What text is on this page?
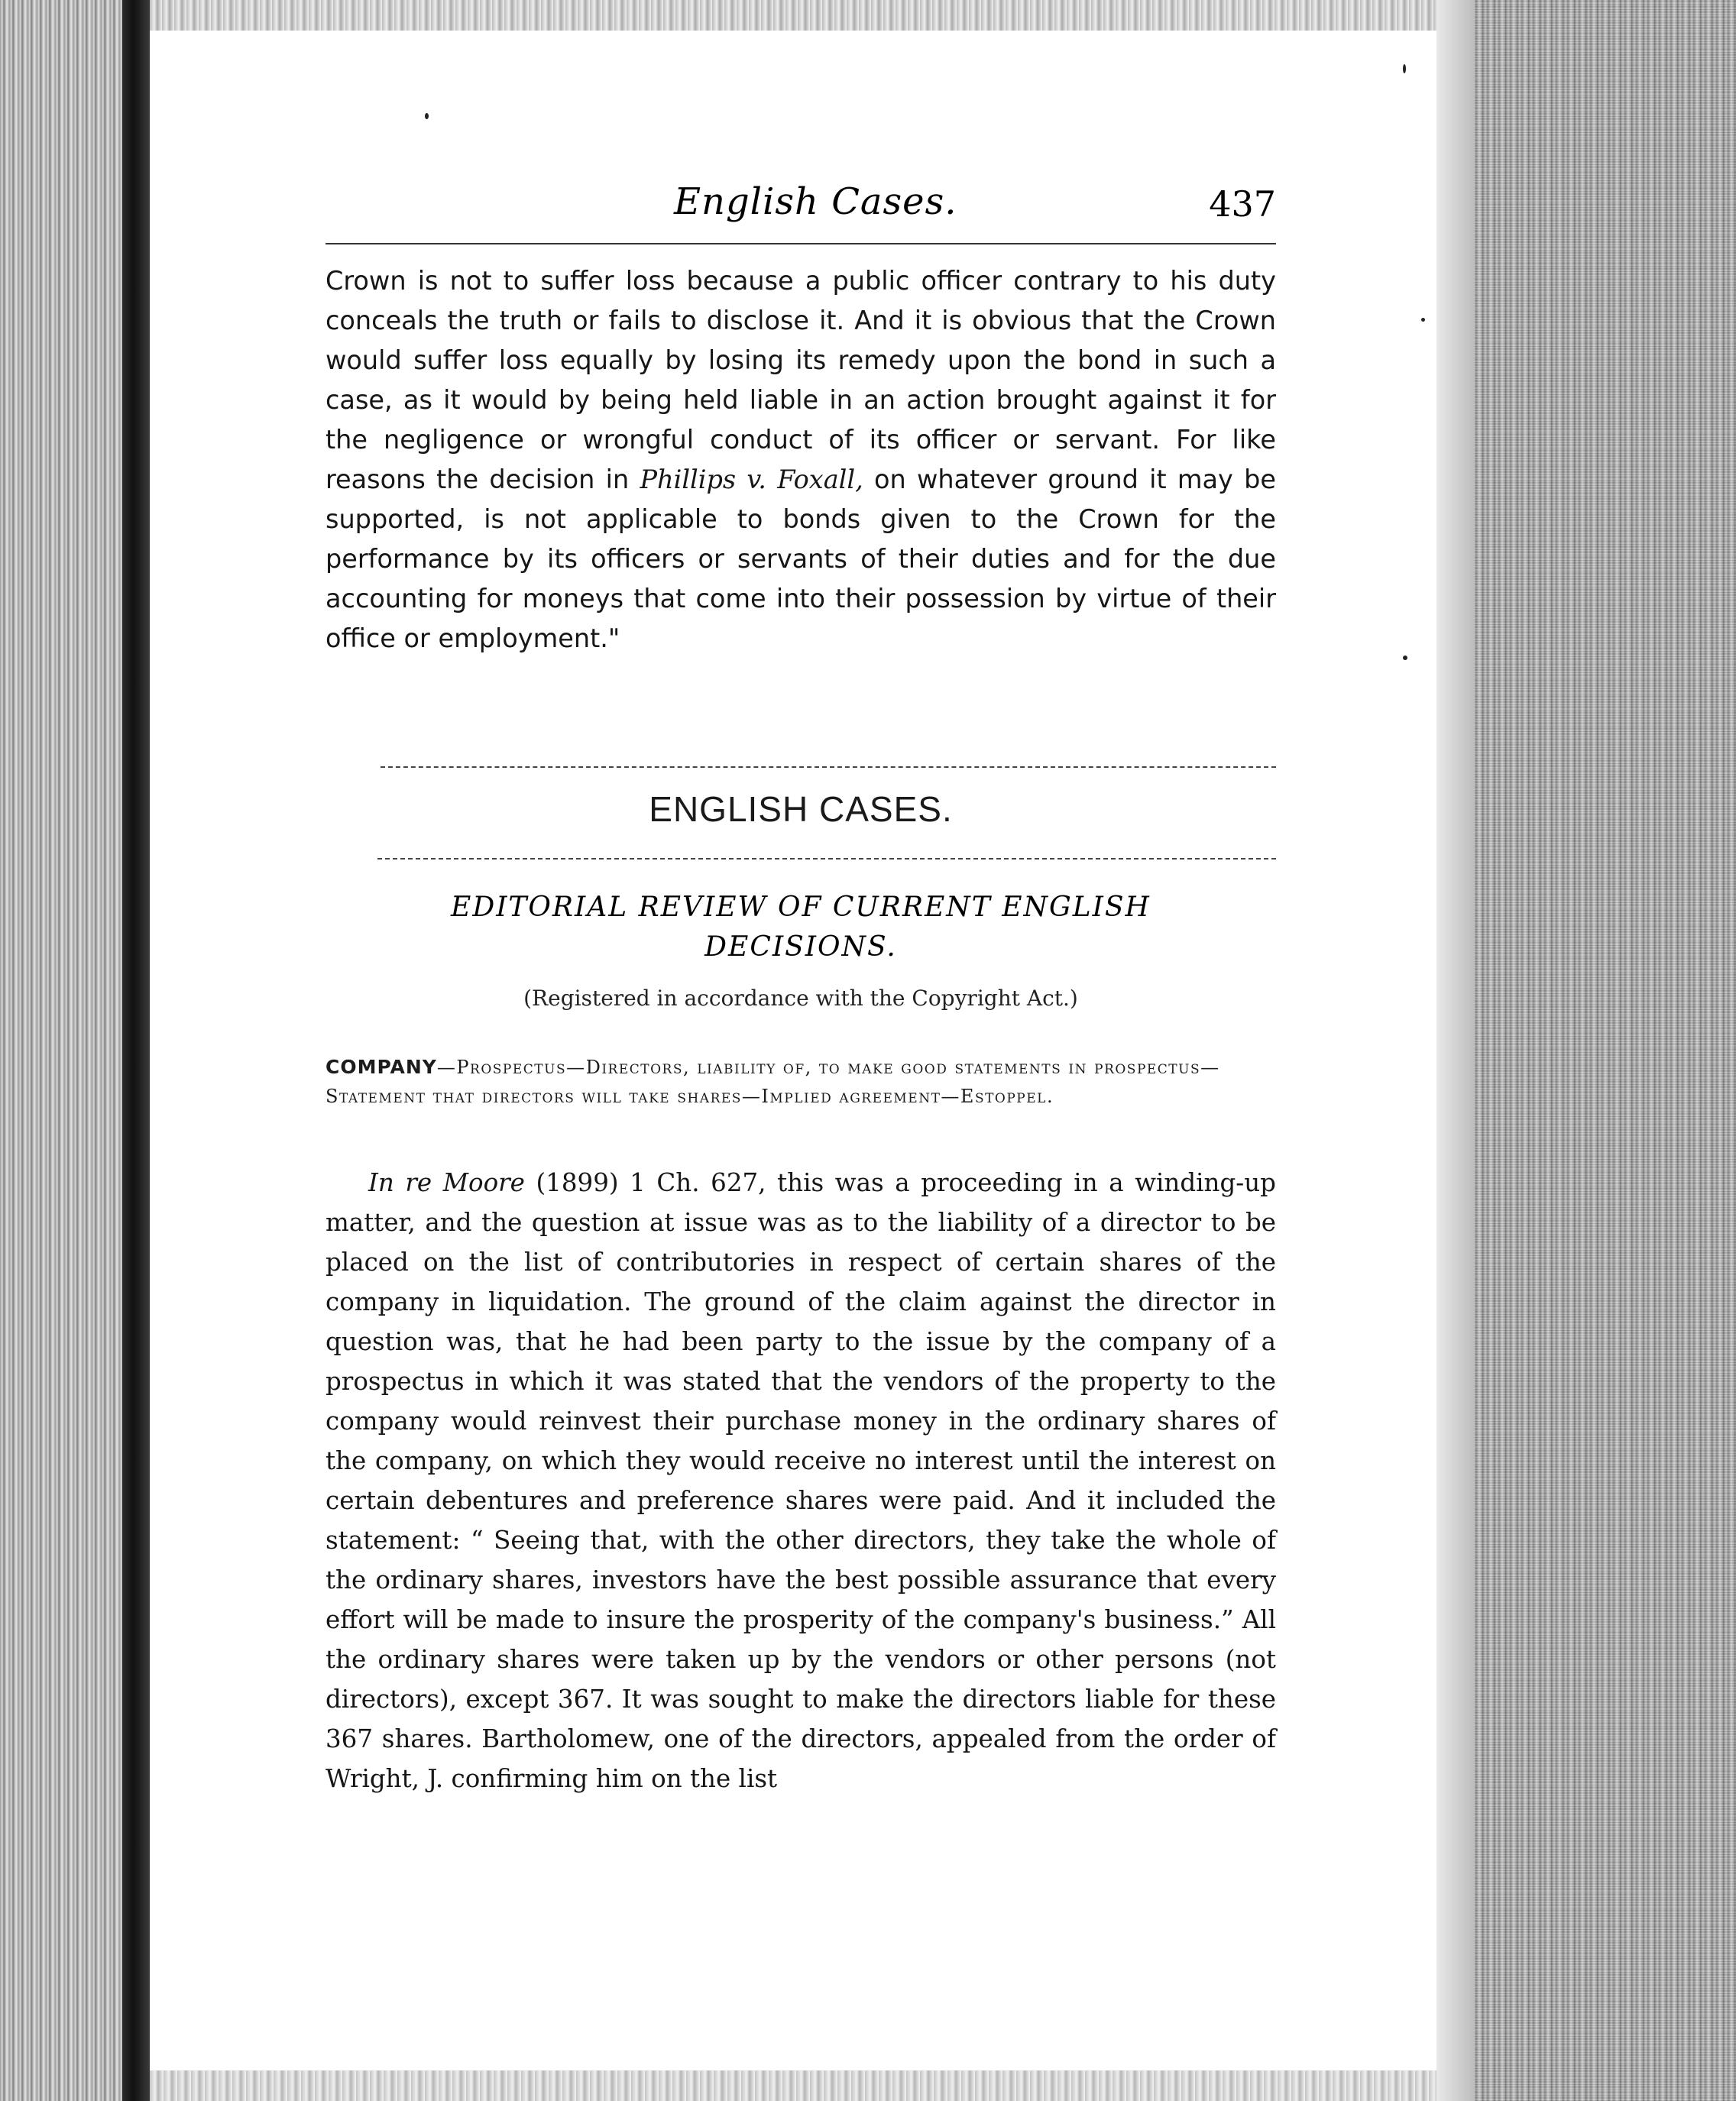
English Cases.	437

Crown is not to suffer loss because a public officer contrary to his duty conceals the truth or fails to disclose it. And it is obvious that the Crown would suffer loss equally by losing its remedy upon the bond in such a case, as it would by being held liable in an action brought against it for the negligence or wrongful conduct of its officer or servant. For like reasons the decision in Phillips v. Foxall, on whatever ground it may be supported, is not applicable to bonds given to the Crown for the performance by its officers or servants of their duties and for the due accounting for moneys that come into their possession by virtue of their office or employment."

ENGLISH CASES.
EDITORIAL REVIEW OF CURRENT ENGLISH
DECISIONS.
(Registered in accordance with the Copyright Act.)

COMPANY—Prospectus—Directors, liability of, to make good statements in prospectus—Statement that directors will take shares—Implied agreement—Estoppel.

In re Moore (1899) 1 Ch. 627, this was a proceeding in a winding-up matter, and the question at issue was as to the liability of a director to be placed on the list of contributories in respect of certain shares of the company in liquidation. The ground of the claim against the director in question was, that he had been party to the issue by the company of a prospectus in which it was stated that the vendors of the property to the company would reinvest their purchase money in the ordinary shares of the company, on which they would receive no interest until the interest on certain debentures and preference shares were paid. And it included the statement: “ Seeing that, with the other directors, they take the whole of the ordinary shares, investors have the best possible assurance that every effort will be made to insure the prosperity of the company's business.” All the ordinary shares were taken up by the vendors or other persons (not directors), except 367. It was sought to make the directors liable for these 367 shares. Bartholomew, one of the directors, appealed from the order of Wright, J. confirming him on the list
